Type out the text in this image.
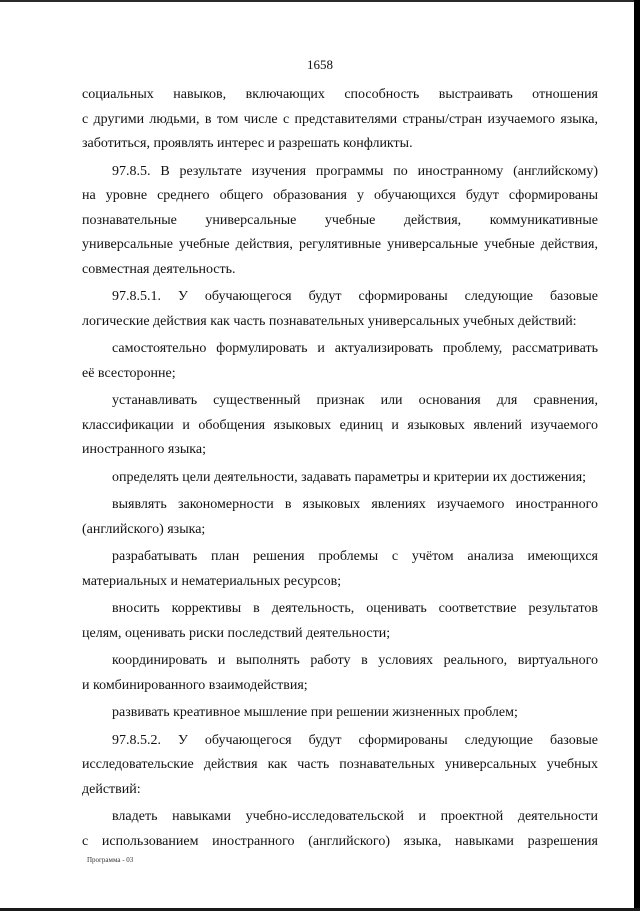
1658
социальных навыков, включающих способность выстраивать отношения
с другими людьми, в том числе с представителями страны/стран изучаемого языка,
заботиться, проявлять интерес и разрешать конфликты.
97.8.5. В результате изучения программы по иностранному (английскому)
на уровне среднего общего образования у обучающихся будут сформированы
познавательные универсальные учебные действия, коммуникативные
универсальные учебные действия, регулятивные универсальные учебные действия,
совместная деятельность.
97.8.5.1. У обучающегося будут сформированы следующие базовые
логические действия как часть познавательных универсальных учебных действий:
самостоятельно формулировать и актуализировать проблему, рассматривать
её всесторонне;
устанавливать существенный признак или основания для сравнения,
классификации и обобщения языковых единиц и языковых явлений изучаемого
иностранного языка;
определять цели деятельности, задавать параметры и критерии их достижения;
выявлять закономерности в языковых явлениях изучаемого иностранного
(английского) языка;
разрабатывать план решения проблемы с учётом анализа имеющихся
материальных и нематериальных ресурсов;
вносить коррективы в деятельность, оценивать соответствие результатов
целям, оценивать риски последствий деятельности;
координировать и выполнять работу в условиях реального, виртуального
и комбинированного взаимодействия;
развивать креативное мышление при решении жизненных проблем;
97.8.5.2. У обучающегося будут сформированы следующие базовые
исследовательские действия как часть познавательных универсальных учебных
действий:
владеть навыками учебно-исследовательской и проектной деятельности
с использованием иностранного (английского) языка, навыками разрешения
Программа - 03
